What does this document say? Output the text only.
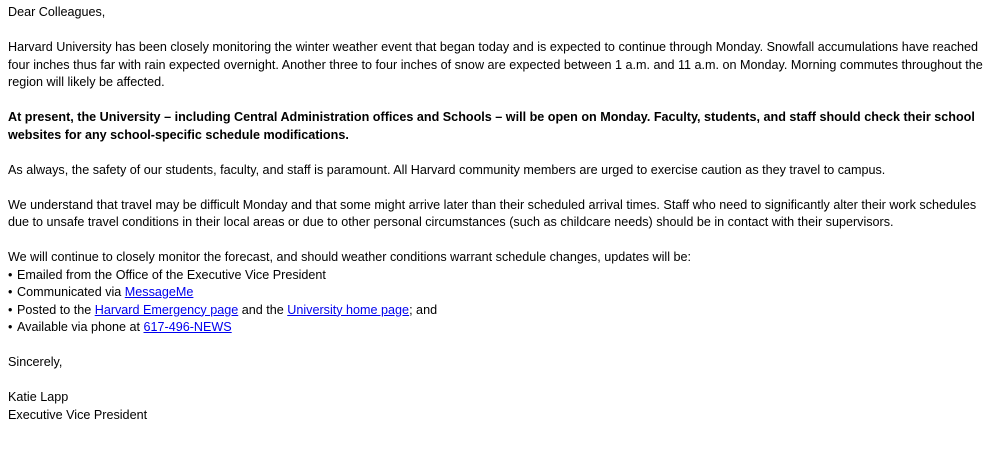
Dear Colleagues,

Harvard University has been closely monitoring the winter weather event that began today and is expected to continue through Monday. Snowfall accumulations have reached four inches thus far with rain expected overnight. Another three to four inches of snow are expected between 1 a.m. and 11 a.m. on Monday. Morning commutes throughout the region will likely be affected.

At present, the University – including Central Administration offices and Schools – will be open on Monday. Faculty, students, and staff should check their school websites for any school-specific schedule modifications.

As always, the safety of our students, faculty, and staff is paramount. All Harvard community members are urged to exercise caution as they travel to campus.

We understand that travel may be difficult Monday and that some might arrive later than their scheduled arrival times. Staff who need to significantly alter their work schedules due to unsafe travel conditions in their local areas or due to other personal circumstances (such as childcare needs) should be in contact with their supervisors.

We will continue to closely monitor the forecast, and should weather conditions warrant schedule changes, updates will be:

• Emailed from the Office of the Executive Vice President

• Communicated via MessageMe

• Posted to the Harvard Emergency page and the University home page; and

• Available via phone at 617-496-NEWS

Sincerely,

Katie Lapp

Executive Vice President
